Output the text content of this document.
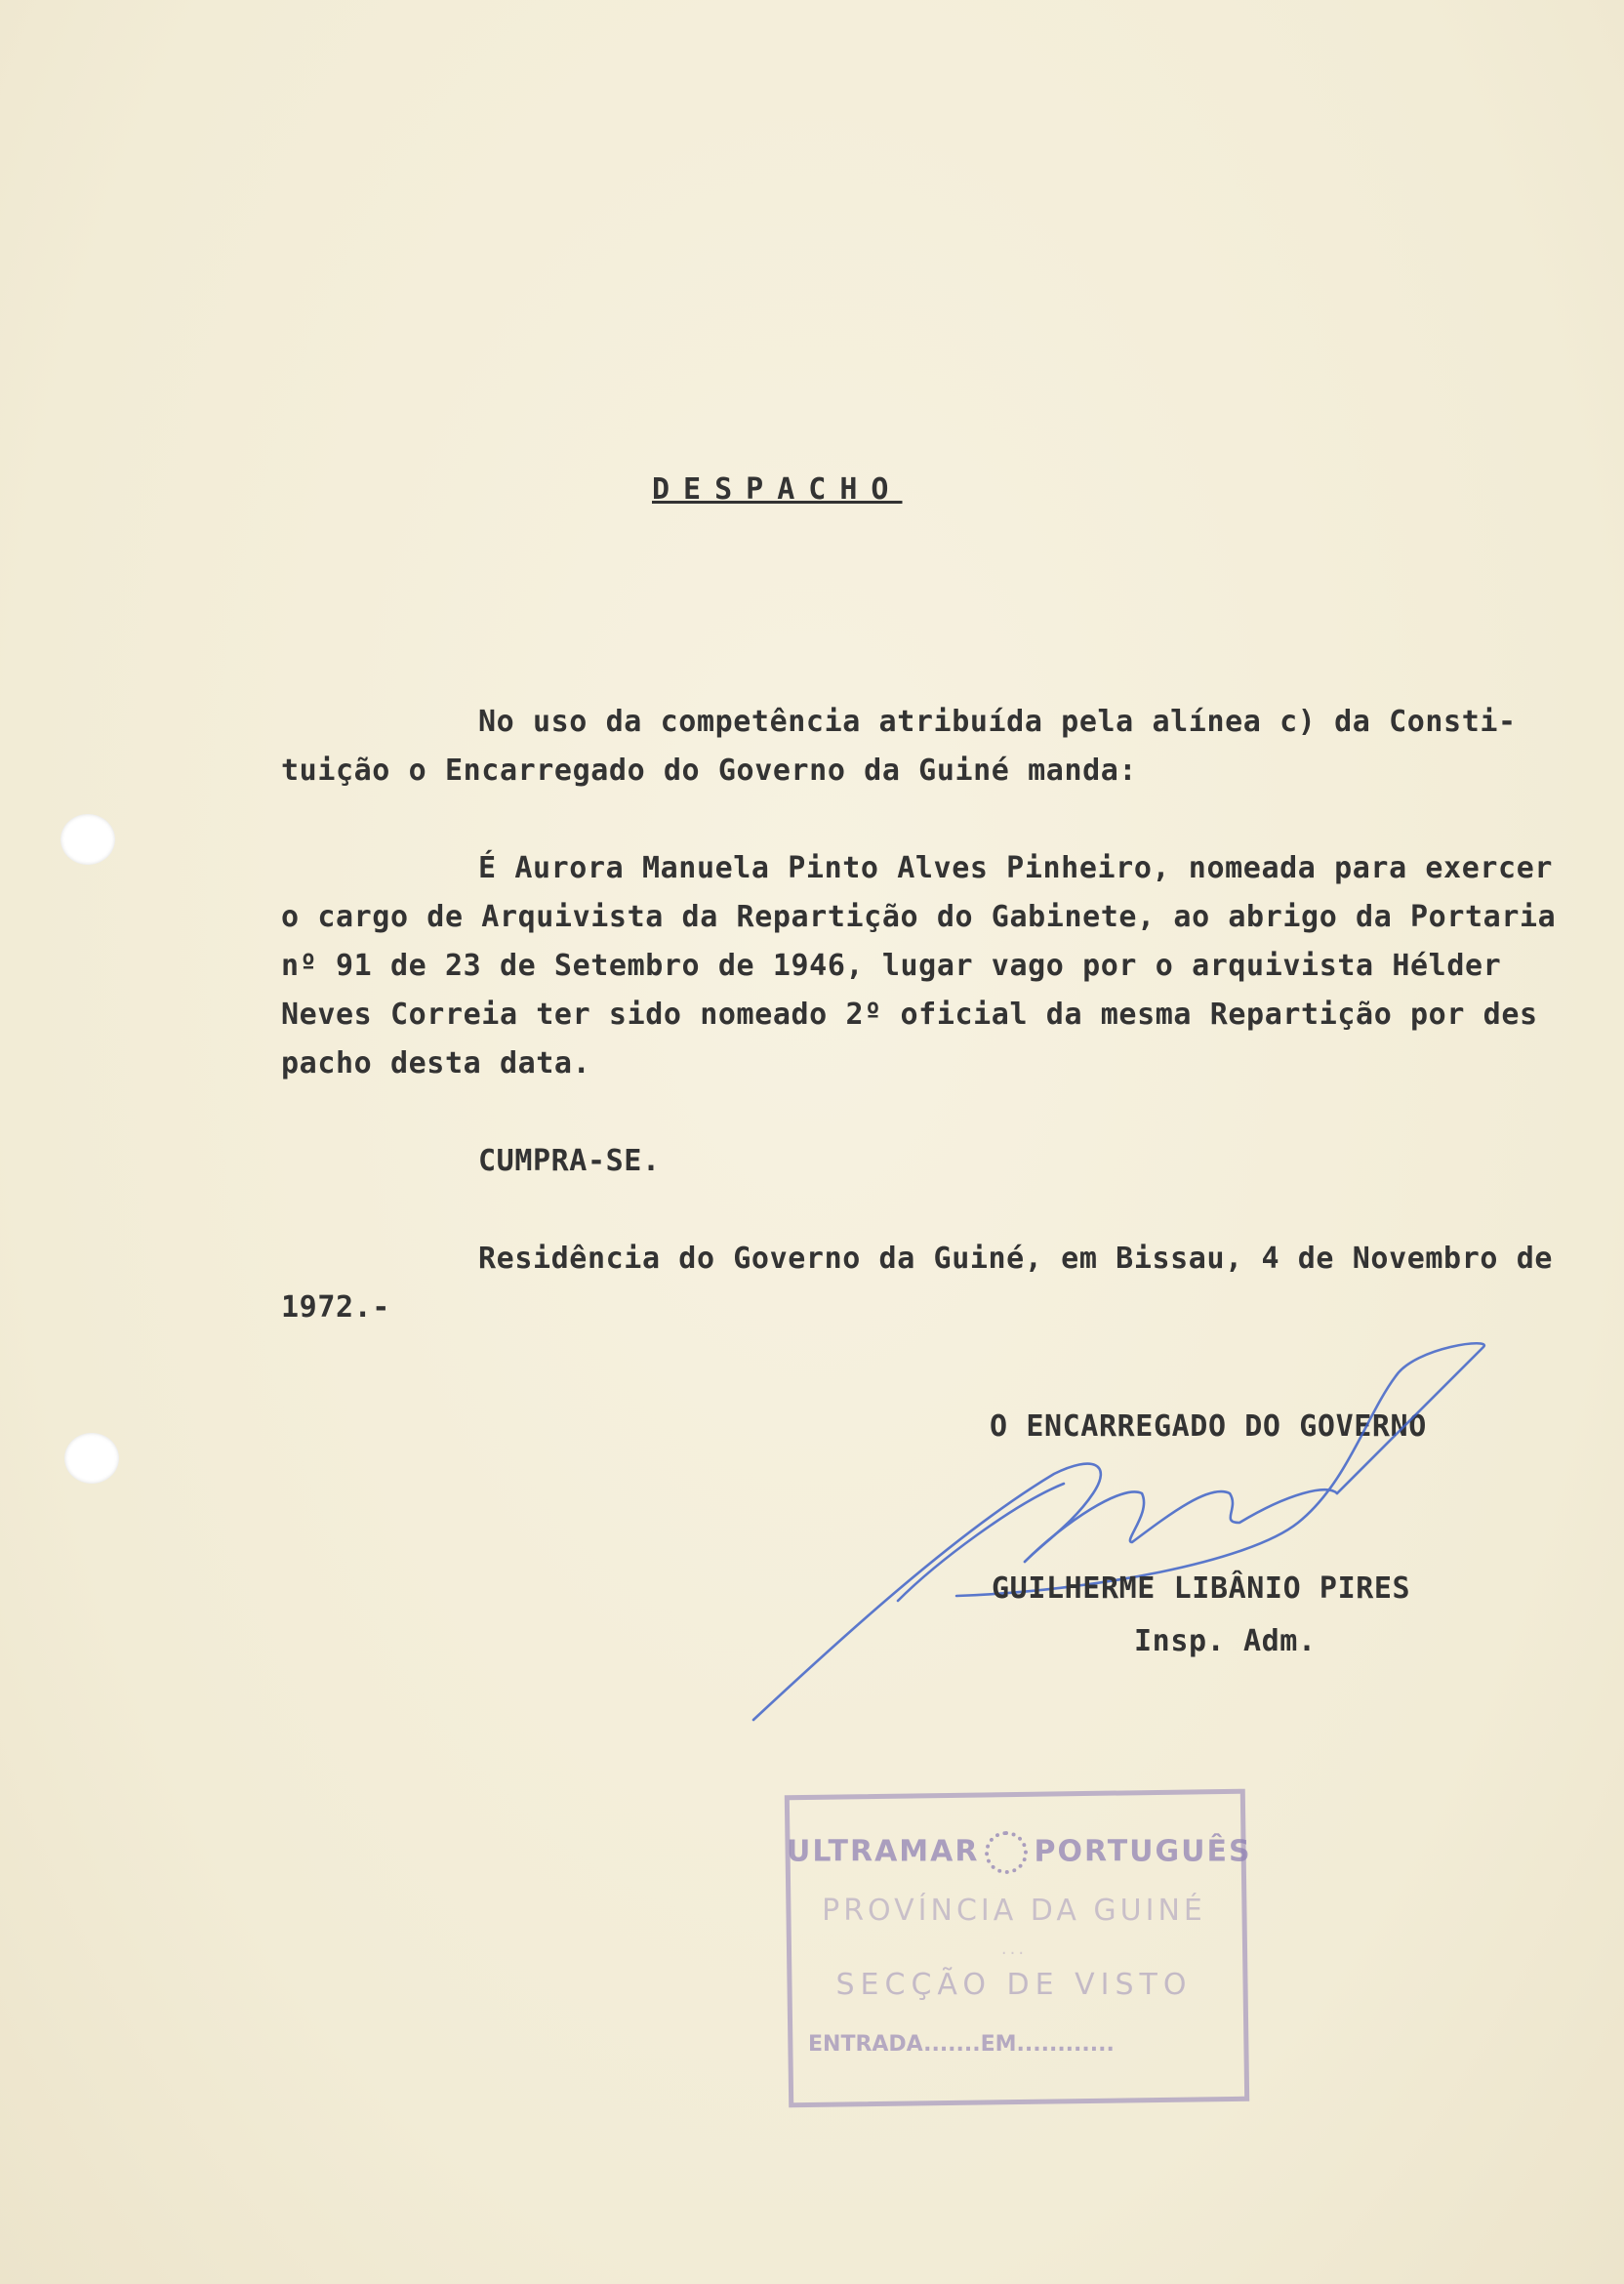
DESPACHO
No uso da competência atribuída pela alínea c) da Consti-
tuição o Encarregado do Governo da Guiné manda:
É Aurora Manuela Pinto Alves Pinheiro, nomeada para exercer
o cargo de Arquivista da Repartição do Gabinete, ao abrigo da Portaria
nº 91 de 23 de Setembro de 1946, lugar vago por o arquivista Hélder
Neves Correia ter sido nomeado 2º oficial da mesma Repartição por des
pacho desta data.
CUMPRA-SE.
Residência do Governo da Guiné, em Bissau, 4 de Novembro de
1972.-
O ENCARREGADO DO GOVERNO
GUILHERME LIBÂNIO PIRES
Insp. Adm.
ULTRAMAR PORTUGUÊS
PROVÍNCIA DA GUINÉ
...
SECÇÃO DE VISTO
ENTRADA.......EM............
